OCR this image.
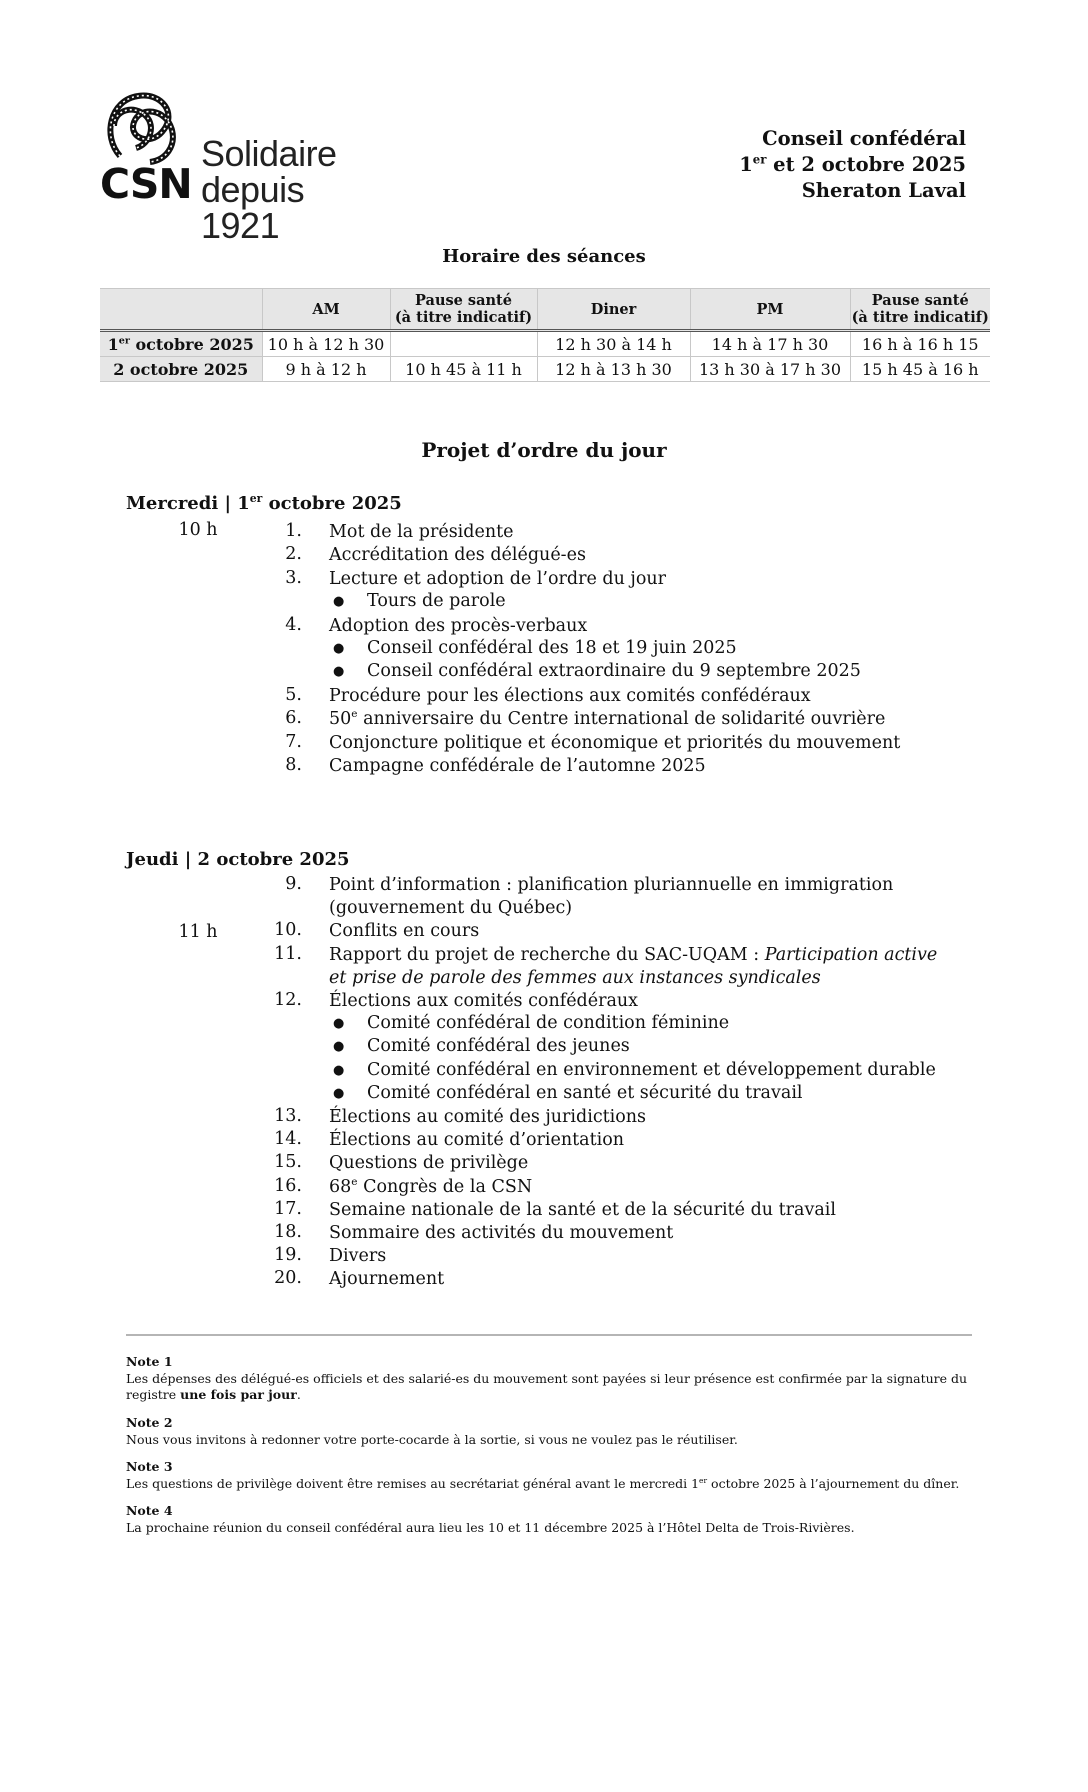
CSN
Solidaire
depuis 1921
Conseil confédéral
1er et 2 octobre 2025
Sheraton Laval
Horaire des séances
	AM	Pause santé
(à titre indicatif)	Diner	PM	Pause santé
(à titre indicatif)
1er octobre 2025	10 h à 12 h 30		12 h 30 à 14 h	14 h à 17 h 30	16 h à 16 h 15
2 octobre 2025	9 h à 12 h	10 h 45 à 11 h	12 h à 13 h 30	13 h 30 à 17 h 30	15 h 45 à 16 h
Projet d’ordre du jour
Mercredi | 1er octobre 2025
10 h	1. Mot de la présidente
2. Accréditation des délégué-es
3. Lecture et adoption de l’ordre du jour
● Tours de parole
4. Adoption des procès-verbaux
● Conseil confédéral des 18 et 19 juin 2025
● Conseil confédéral extraordinaire du 9 septembre 2025
5. Procédure pour les élections aux comités confédéraux
6. 50e anniversaire du Centre international de solidarité ouvrière
7. Conjoncture politique et économique et priorités du mouvement
8. Campagne confédérale de l’automne 2025
Jeudi | 2 octobre 2025
11 h
9. Point d’information : planification pluriannuelle en immigration
(gouvernement du Québec)
10. Conflits en cours
11. Rapport du projet de recherche du SAC-UQAM : Participation active
et prise de parole des femmes aux instances syndicales
12. Élections aux comités confédéraux
● Comité confédéral de condition féminine
● Comité confédéral des jeunes
● Comité confédéral en environnement et développement durable
● Comité confédéral en santé et sécurité du travail
13. Élections au comité des juridictions
14. Élections au comité d’orientation
15. Questions de privilège
16. 68e Congrès de la CSN
17. Semaine nationale de la santé et de la sécurité du travail
18. Sommaire des activités du mouvement
19. Divers
20. Ajournement
Note 1
Les dépenses des délégué-es officiels et des salarié-es du mouvement sont payées si leur présence est confirmée par la signature du registre une fois par jour.
Note 2
Nous vous invitons à redonner votre porte-cocarde à la sortie, si vous ne voulez pas le réutiliser.
Note 3
Les questions de privilège doivent être remises au secrétariat général avant le mercredi 1er octobre 2025 à l’ajournement du dîner.
Note 4
La prochaine réunion du conseil confédéral aura lieu les 10 et 11 décembre 2025 à l’Hôtel Delta de Trois-Rivières.
